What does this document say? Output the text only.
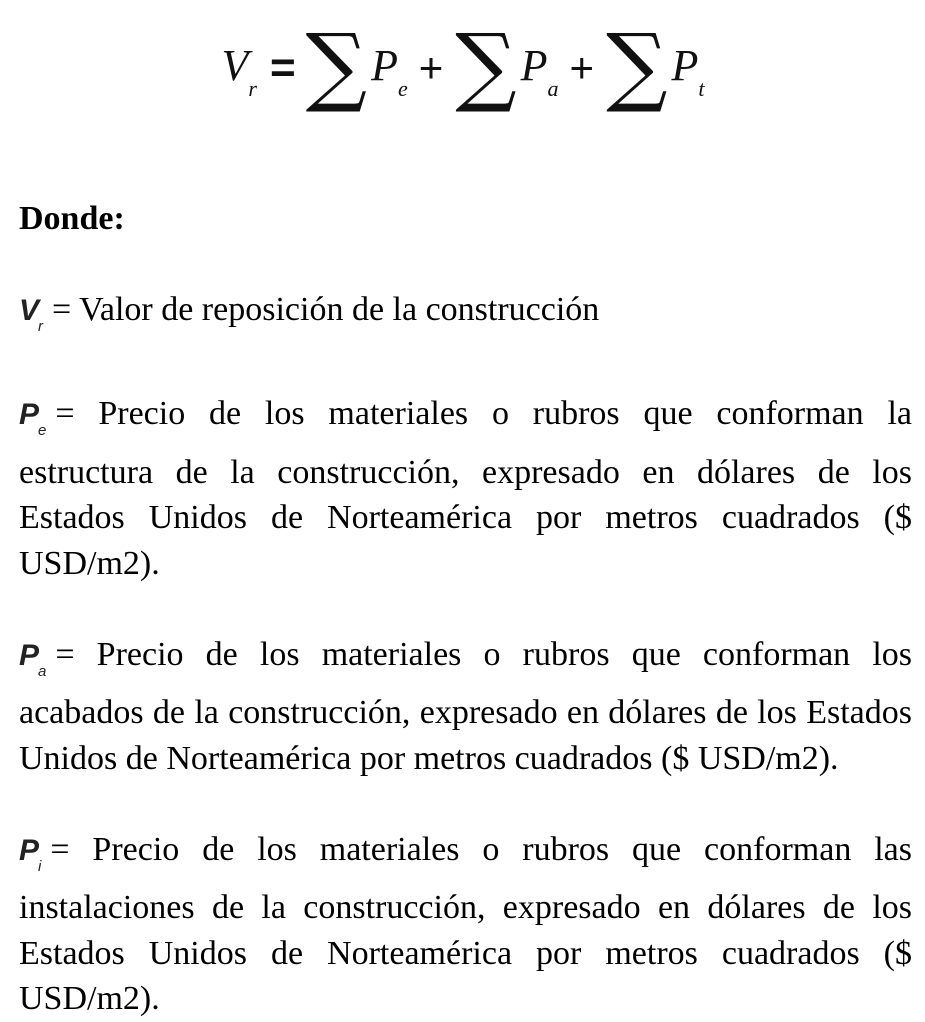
$V_r$ = ∑ $P_e$ + ∑ $P_a$ + ∑ $P_t$

Donde:

$V_r$ = Valor de reposición de la construcción

$P_e$ = Precio de los materiales o rubros que conforman la estructura de la construcción, expresado en dólares de los Estados Unidos de Norteamérica por metros cuadrados ($ USD/m2).

$P_a$ = Precio de los materiales o rubros que conforman los acabados de la construcción, expresado en dólares de los Estados Unidos de Norteamérica por metros cuadrados ($ USD/m2).

$P_i$ = Precio de los materiales o rubros que conforman las instalaciones de la construcción, expresado en dólares de los Estados Unidos de Norteamérica por metros cuadrados ($ USD/m2).
